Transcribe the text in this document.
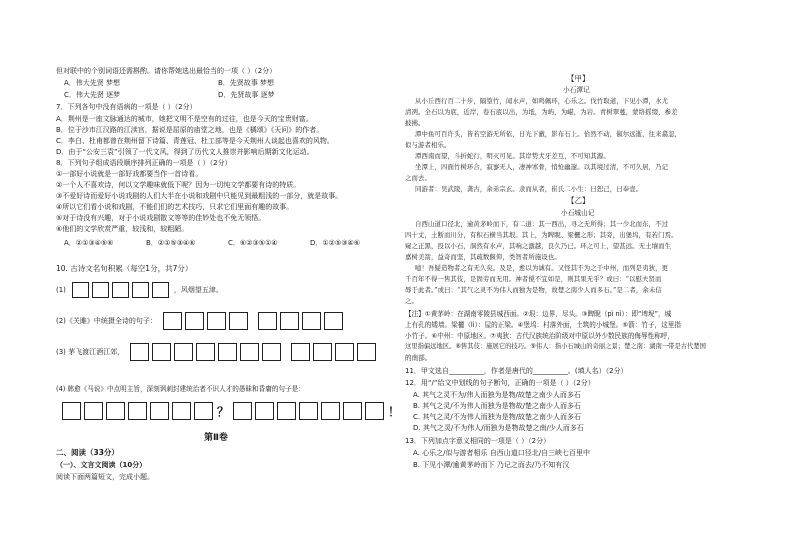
但对联中的个别词语还需斟酌。请你帮她选出最恰当的一项（ ）（2分）
A．伟大先贤 梦想	B．先贤故事 梦想
C．伟大先贤 逐梦	D．先贤故事 逐梦
7．下列各句中没有语病的一项是（ ）（2分）
A．荆州是一座文脉通达的城市，她把文明不是空有的过往，也是今天的宝贵财富。
B．位于沙市江汉路的江渎宫，据说是屈原的庙堂之地，也是《橘颂》《天问》的作者。
C．李白、杜甫都曾在荆州留下诗篇、青莲冠、杜工部等是今天荆州人谈起也喜欢的风物。
D．由于“公安三袁”引领了一代文风，得到了历代文人推崇并影响后期新文化运动。
8．下列句子组成语段顺序排列正确的一项是（ ）（2分）
①一部好小说就是一部好戏都要当作一首诗看。
②一个人不喜欢诗，何以文学趣味就低下呢？因为一切纯文学都要有诗的特质。
③不爱好诗而爱好小说戏剧的人们大半在小说和戏剧中只能见到最粗浅的一部分，就是故事。
④所以它们看小说和戏剧，不能们们的艺术技巧，只求它们里面有趣的故事。
⑤对于诗没有兴趣，对于小说戏剧散文等等的佳妙处也不免无领悟。
⑥他们的文学欣赏严重，较浅和，较粗陋。
A．②①③④⑤⑥	B．②①⑤③④⑥	C．⑥②③⑤①④	D．①②⑤③④⑥
10. 古诗文名句积累（每空1分，共7分）
(1)	，风烟望五津。
(2)《关雎》中统摄全诗的句子：
(3) 茅飞渡江酒江郊，
(4) 韩愈《马说》中点明主旨，深刻讽刺封建统治者不识人才的愚昧和昏庸的句子是：
？	！
第Ⅱ卷
二、阅读（33分）
（一）、文言文阅读（10分）
阅读下面两篇短文，完成小题。
【甲】
小石潭记
从小丘西行百二十步，隔篁竹，闻水声，如鸣佩环，心乐之。伐竹取道，下见小潭，水尤
清冽。全石以为底，近岸，卷石底以出，为坻，为屿，为嵁，为岩。青树翠蔓，蒙络摇缀，参差
披拂。
潭中鱼可百许头，皆若空游无所依，日光下澈，影布石上。佁然不动，俶尔远逝，往来翕忽，
似与游者相乐。
潭西南而望，斗折蛇行，明灭可见。其岸势犬牙差互，不可知其源。
坐潭上，四面竹树环合，寂寥无人，凄神寒骨，悄怆幽邃。以其境过清，不可久居，乃记
之而去。
同游者：吴武陵，龚古，余弟宗玄。隶而从者，崔氏二小生：曰恕己，曰奉壹。
【乙】
小石城山记
自西山道口径北，逾黄茅岭而下，有二道：其一西出，寻之无所得；其一少北而东，不过
四十丈，土断而川分，有积石横当其垠。其上，为睥睨、梁欐之形；其旁，出堡坞，有若门焉。
窥之正黑，投以小石，洞然有水声，其响之激越，良久乃已。环之可上，望甚远。无土壤而生
嘉树美箭，益奇而坚，其疏数偃仰，类智者所施设也。
噫！吾疑造物者之有无久矣。及是，愈以为诚有。又怪其不为之于中州，而列是夷狄，更
千百年不得一售其伎，是固劳而无用。神者傥不宜如是，则其果无乎？或曰：“以慰夫贤而
辱于此者。”或曰：“其气之灵不为伟人而独为是物，故楚之南少人而多石。”是二者，余未信
之。
【注】①黄茅岭：在湖南零陵县城西面。②垠：边界，尽头。③睥睨（pì nì）：即“埤堄”，城
上有孔的矮墙。梁欐（lì）：屋的正梁。④堡坞：村落外面，土筑的小城堡。⑤箭：竹子，这里指
小竹子。⑥中州：中原地区。⑦夷狄：古代汉族统治阶级对中原以外少数民族的侮辱性称呼，
这里指偏远地区。⑧售其伎：施展它的技巧。⑨伟人：指小石城山的奇丽之景；楚之南：湖南一带是古代楚国
的南部。
11．甲文选自__________，作者是唐代的__________。(填人名）（2分）
12．用“/”给文中划线的句子断句，正确的一项是（ ）（2分）
A. 其气之灵不为/伟人而独为是物/故楚之南少人而多石
B. 其气之灵/不为伟人而独为是物故/楚之南少人而多石
C. 其气之灵/不为伟人而独为是物/故楚之南少人而多石
D. 其气之灵/不为伟人/而独为是物故楚之南/少人而多石
13．下列加点字意义相同的一项是（ ）（2分）
A. 心乐之/似与游者相乐 自西山道口径北/自三峡七百里中
B. 下见小潭/逾黄茅岭而下 乃记之而去/乃不知有汉
